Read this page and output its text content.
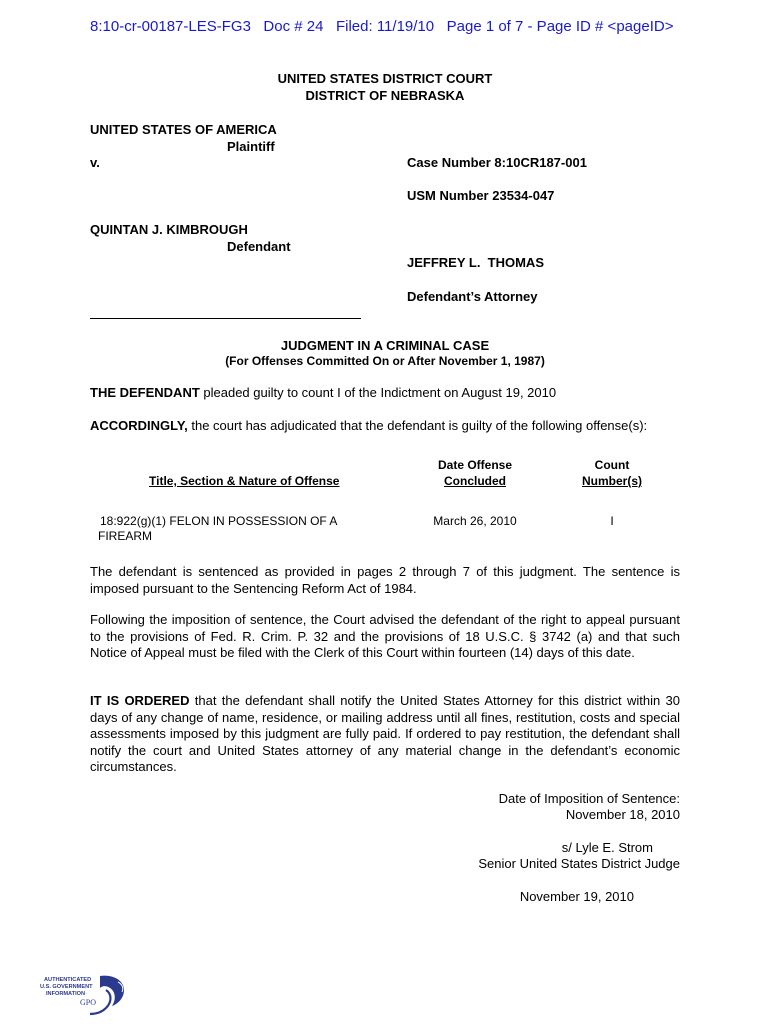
8:10-cr-00187-LES-FG3 Doc # 24 Filed: 11/19/10 Page 1 of 7 - Page ID # <pageID>
UNITED STATES DISTRICT COURT
DISTRICT OF NEBRASKA
UNITED STATES OF AMERICA
Plaintiff
v.	Case Number 8:10CR187-001
USM Number 23534-047
QUINTAN J. KIMBROUGH
Defendant
JEFFREY L.  THOMAS
Defendant’s Attorney
JUDGMENT IN A CRIMINAL CASE
(For Offenses Committed On or After November 1, 1987)
THE DEFENDANT pleaded guilty to count I of the Indictment on August 19, 2010
ACCORDINGLY, the court has adjudicated that the defendant is guilty of the following offense(s):
Title, Section & Nature of Offense
Date Offense
Concluded
Count
Number(s)
18:922(g)(1) FELON IN POSSESSION OF A
FIREARM
March 26, 2010	I
The defendant is sentenced as provided in pages 2 through 7 of this judgment. The sentence is imposed pursuant to the Sentencing Reform Act of 1984.
Following the imposition of sentence, the Court advised the defendant of the right to appeal pursuant to the provisions of Fed. R. Crim. P. 32 and the provisions of 18 U.S.C. § 3742 (a) and that such Notice of Appeal must be filed with the Clerk of this Court within fourteen (14) days of this date.
IT IS ORDERED that the defendant shall notify the United States Attorney for this district within 30 days of any change of name, residence, or mailing address until all fines, restitution, costs and special assessments imposed by this judgment are fully paid. If ordered to pay restitution, the defendant shall notify the court and United States attorney of any material change in the defendant’s economic circumstances.
Date of Imposition of Sentence:
November 18, 2010
s/ Lyle E. Strom
Senior United States District Judge
November 19, 2010
AUTHENTICATED
U.S. GOVERNMENT
INFORMATION
GPO
